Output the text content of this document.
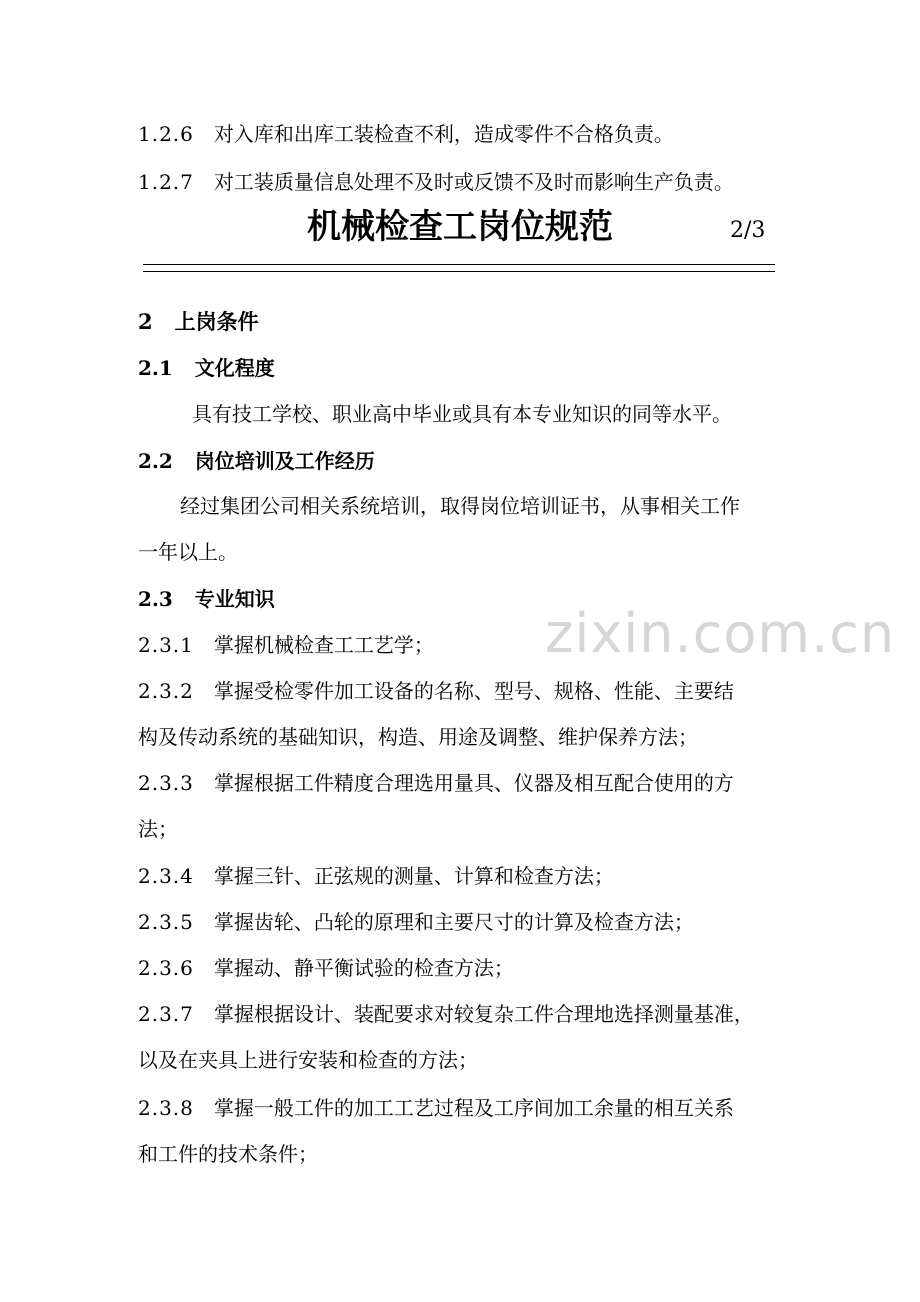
zixin.com.cn
1.2.6 对入库和出库工装检查不利，造成零件不合格负责。
1.2.7 对工装质量信息处理不及时或反馈不及时而影响生产负责。
机械检查工岗位规范	2/3
2 上岗条件
2.1 文化程度
具有技工学校、职业高中毕业或具有本专业知识的同等水平。
2.2 岗位培训及工作经历
经过集团公司相关系统培训，取得岗位培训证书，从事相关工作
一年以上。
2.3 专业知识
2.3.1 掌握机械检查工工艺学；
2.3.2 掌握受检零件加工设备的名称、型号、规格、性能、主要结
构及传动系统的基础知识，构造、用途及调整、维护保养方法；
2.3.3 掌握根据工件精度合理选用量具、仪器及相互配合使用的方
法；
2.3.4 掌握三针、正弦规的测量、计算和检查方法；
2.3.5 掌握齿轮、凸轮的原理和主要尺寸的计算及检查方法；
2.3.6 掌握动、静平衡试验的检查方法；
2.3.7 掌握根据设计、装配要求对较复杂工件合理地选择测量基准，
以及在夹具上进行安装和检查的方法；
2.3.8 掌握一般工件的加工工艺过程及工序间加工余量的相互关系
和工件的技术条件；
